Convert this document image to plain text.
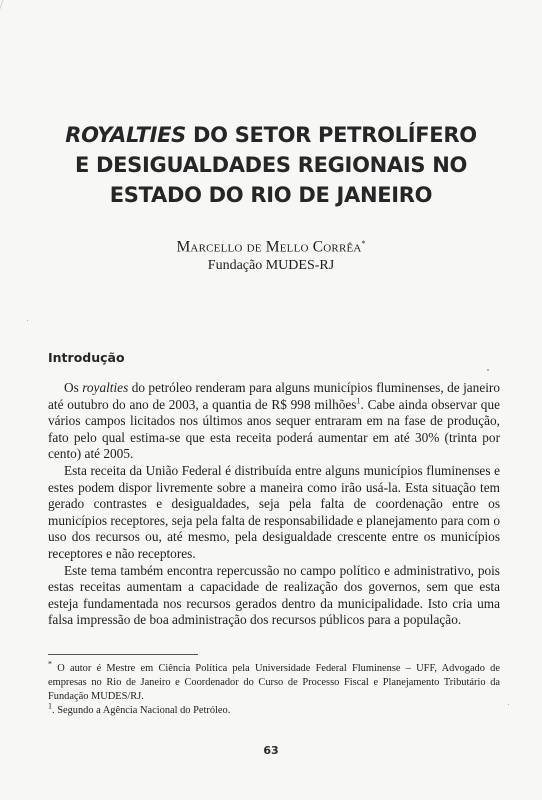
ROYALTIES DO SETOR PETROLÍFERO
E DESIGUALDADES REGIONAIS NO
ESTADO DO RIO DE JANEIRO
Marcello de Mello Corrêa*
Fundação MUDES-RJ
Introdução

Os royalties do petróleo renderam para alguns municípios fluminenses, de janeiro até outubro do ano de 2003, a quantia de R$ 998 milhões$^1$. Cabe ainda observar que vários campos licitados nos últimos anos sequer entraram em na fase de produção, fato pelo qual estima-se que esta receita poderá aumentar em até 30% (trinta por cento) até 2005.

Esta receita da União Federal é distribuída entre alguns municípios fluminenses e estes podem dispor livremente sobre a maneira como irão usá-la. Esta situação tem gerado contrastes e desigualdades, seja pela falta de coordenação entre os municípios receptores, seja pela falta de responsabilidade e planejamento para com o uso dos recursos ou, até mesmo, pela desigualdade crescente entre os municípios receptores e não receptores.

Este tema também encontra repercussão no campo político e administrativo, pois estas receitas aumentam a capacidade de realização dos governos, sem que esta esteja fundamentada nos recursos gerados dentro da municipalidade. Isto cria uma falsa impressão de boa administração dos recursos públicos para a população.

* O autor é Mestre em Ciência Política pela Universidade Federal Fluminense – UFF, Advogado de empresas no Rio de Janeiro e Coordenador do Curso de Processo Fiscal e Planejamento Tributário da Fundação MUDES/RJ.

$^1$. Segundo a Agência Nacional do Petróleo.

63
